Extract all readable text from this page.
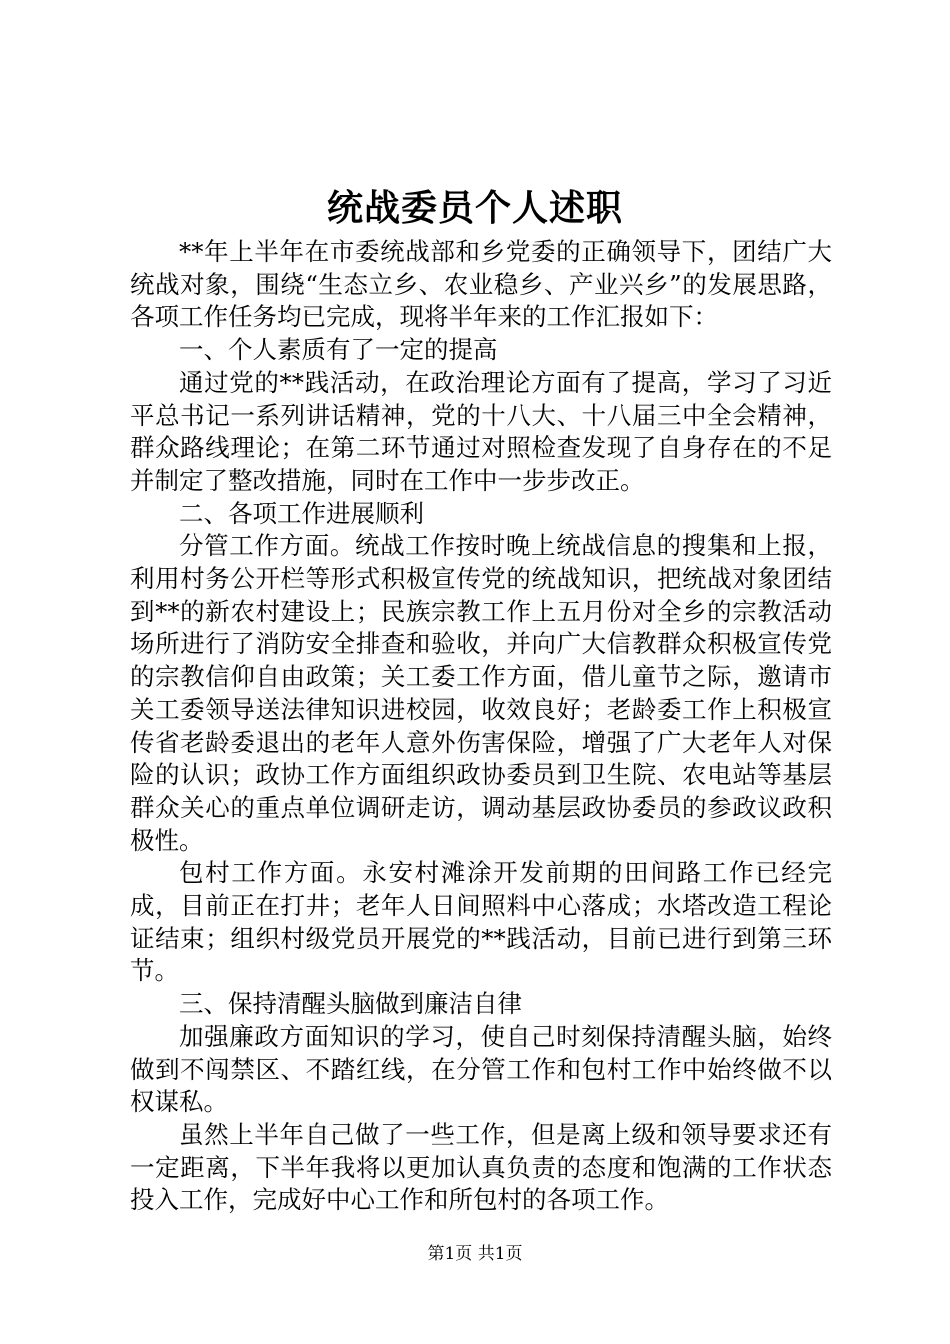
统战委员个人述职

**年上半年在市委统战部和乡党委的正确领导下，团结广大统战对象，围绕“生态立乡、农业稳乡、产业兴乡”的发展思路，各项工作任务均已完成，现将半年来的工作汇报如下：

一、个人素质有了一定的提高

通过党的**践活动，在政治理论方面有了提高，学习了习近平总书记一系列讲话精神，党的十八大、十八届三中全会精神，群众路线理论；在第二环节通过对照检查发现了自身存在的不足并制定了整改措施，同时在工作中一步步改正。

二、各项工作进展顺利

分管工作方面。统战工作按时晚上统战信息的搜集和上报，利用村务公开栏等形式积极宣传党的统战知识，把统战对象团结到**的新农村建设上；民族宗教工作上五月份对全乡的宗教活动场所进行了消防安全排查和验收，并向广大信教群众积极宣传党的宗教信仰自由政策；关工委工作方面，借儿童节之际，邀请市关工委领导送法律知识进校园，收效良好；老龄委工作上积极宣传省老龄委退出的老年人意外伤害保险，增强了广大老年人对保险的认识；政协工作方面组织政协委员到卫生院、农电站等基层群众关心的重点单位调研走访，调动基层政协委员的参政议政积极性。

包村工作方面。永安村滩涂开发前期的田间路工作已经完成，目前正在打井；老年人日间照料中心落成；水塔改造工程论证结束；组织村级党员开展党的**践活动，目前已进行到第三环节。

三、保持清醒头脑做到廉洁自律

加强廉政方面知识的学习，使自己时刻保持清醒头脑，始终做到不闯禁区、不踏红线，在分管工作和包村工作中始终做不以权谋私。

虽然上半年自己做了一些工作，但是离上级和领导要求还有一定距离，下半年我将以更加认真负责的态度和饱满的工作状态投入工作，完成好中心工作和所包村的各项工作。

第1页 共1页
